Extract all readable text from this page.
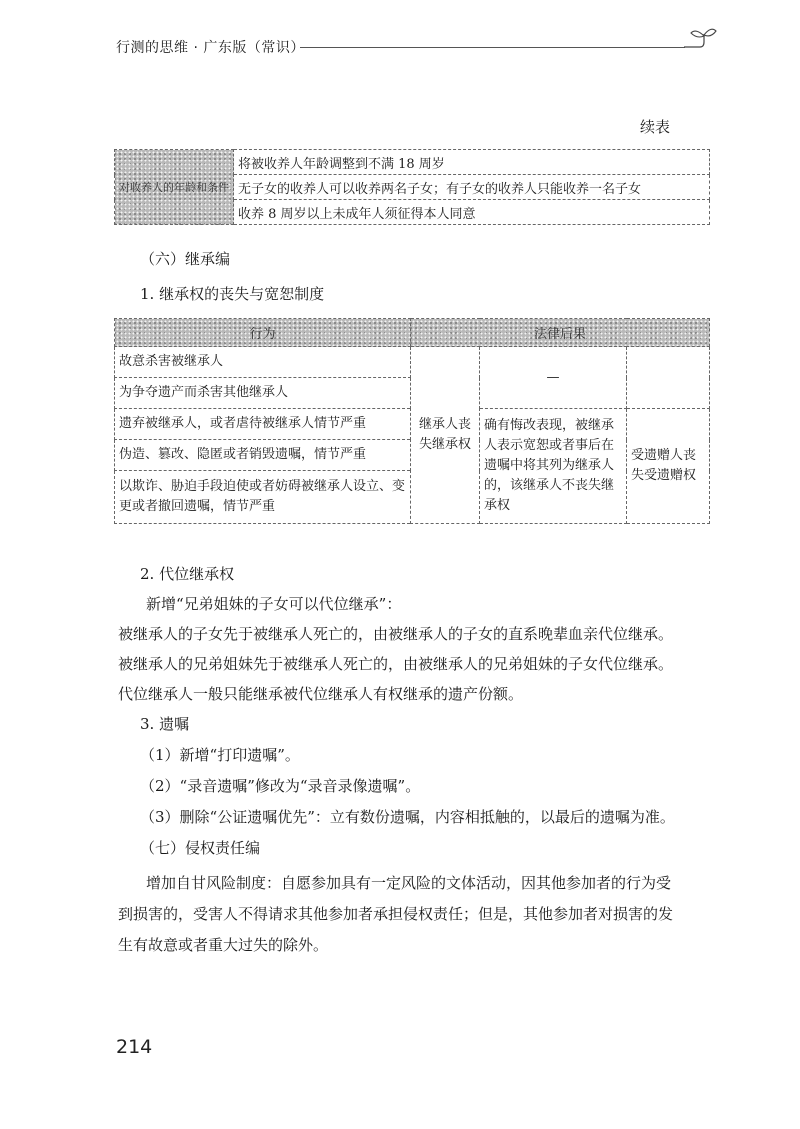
行测的思维 · 广东版（常识）
续表
对收养人的年龄和条件	将被收养人年龄调整到不满 18 周岁
无子女的收养人可以收养两名子女；有子女的收养人只能收养一名子女
收养 8 周岁以上未成年人须征得本人同意
（六）继承编
1. 继承权的丧失与宽恕制度
行为	法律后果		
故意杀害被继承人	继承人丧失继承权	—	
为争夺遗产而杀害其他继承人			
遗弃被继承人，或者虐待被继承人情节严重		确有悔改表现，被继承人表示宽恕或者事后在遗嘱中将其列为继承人的，该继承人不丧失继承权	受遗赠人丧失受遗赠权
伪造、篡改、隐匿或者销毁遗嘱，情节严重			
以欺诈、胁迫手段迫使或者妨碍被继承人设立、变更或者撤回遗嘱，情节严重			
2. 代位继承权
新增“兄弟姐妹的子女可以代位继承”：
被继承人的子女先于被继承人死亡的，由被继承人的子女的直系晚辈血亲代位继承。
被继承人的兄弟姐妹先于被继承人死亡的，由被继承人的兄弟姐妹的子女代位继承。
代位继承人一般只能继承被代位继承人有权继承的遗产份额。
3. 遗嘱
（1）新增“打印遗嘱”。
（2）“录音遗嘱”修改为“录音录像遗嘱”。
（3）删除“公证遗嘱优先”：立有数份遗嘱，内容相抵触的，以最后的遗嘱为准。
（七）侵权责任编
增加自甘风险制度：自愿参加具有一定风险的文体活动，因其他参加者的行为受
到损害的，受害人不得请求其他参加者承担侵权责任；但是，其他参加者对损害的发
生有故意或者重大过失的除外。
214
